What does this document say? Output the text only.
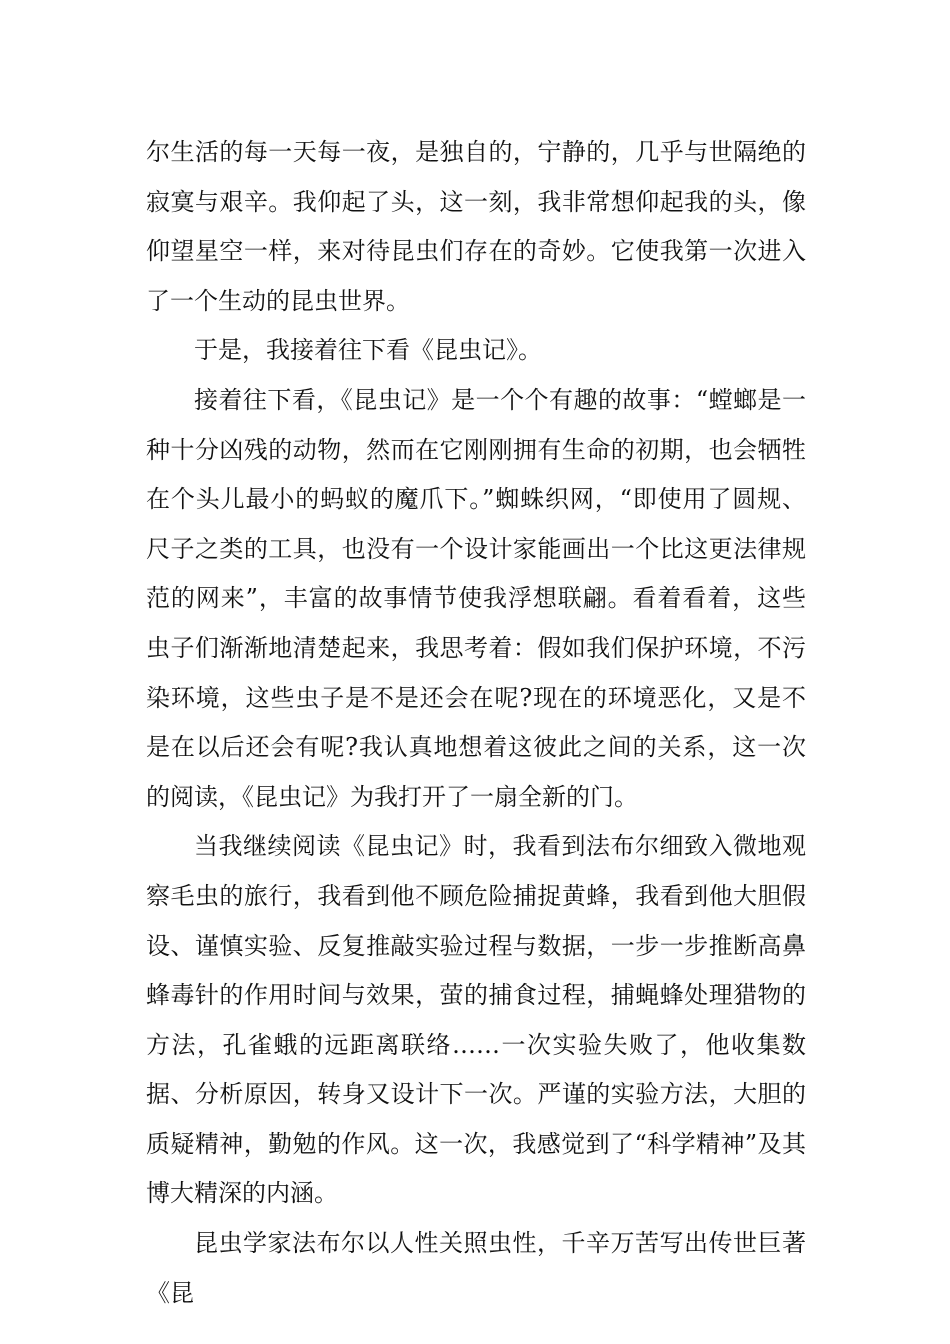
尔生活的每一天每一夜，是独自的，宁静的，几乎与世隔绝的寂寞与艰辛。我仰起了头，这一刻，我非常想仰起我的头，像仰望星空一样，来对待昆虫们存在的奇妙。它使我第一次进入了一个生动的昆虫世界。

于是，我接着往下看《昆虫记》。

接着往下看，《昆虫记》是一个个有趣的故事：“螳螂是一种十分凶残的动物，然而在它刚刚拥有生命的初期，也会牺牲在个头儿最小的蚂蚁的魔爪下。”蜘蛛织网，“即使用了圆规、尺子之类的工具，也没有一个设计家能画出一个比这更法律规范的网来”，丰富的故事情节使我浮想联翩。看着看着，这些虫子们渐渐地清楚起来，我思考着：假如我们保护环境，不污染环境，这些虫子是不是还会在呢?现在的环境恶化，又是不是在以后还会有呢?我认真地想着这彼此之间的关系，这一次的阅读，《昆虫记》为我打开了一扇全新的门。

当我继续阅读《昆虫记》时，我看到法布尔细致入微地观察毛虫的旅行，我看到他不顾危险捕捉黄蜂，我看到他大胆假设、谨慎实验、反复推敲实验过程与数据，一步一步推断高鼻蜂毒针的作用时间与效果，萤的捕食过程，捕蝇蜂处理猎物的方法，孔雀蛾的远距离联络……一次实验失败了，他收集数据、分析原因，转身又设计下一次。严谨的实验方法，大胆的质疑精神，勤勉的作风。这一次，我感觉到了“科学精神”及其博大精深的内涵。

昆虫学家法布尔以人性关照虫性，千辛万苦写出传世巨著《昆
